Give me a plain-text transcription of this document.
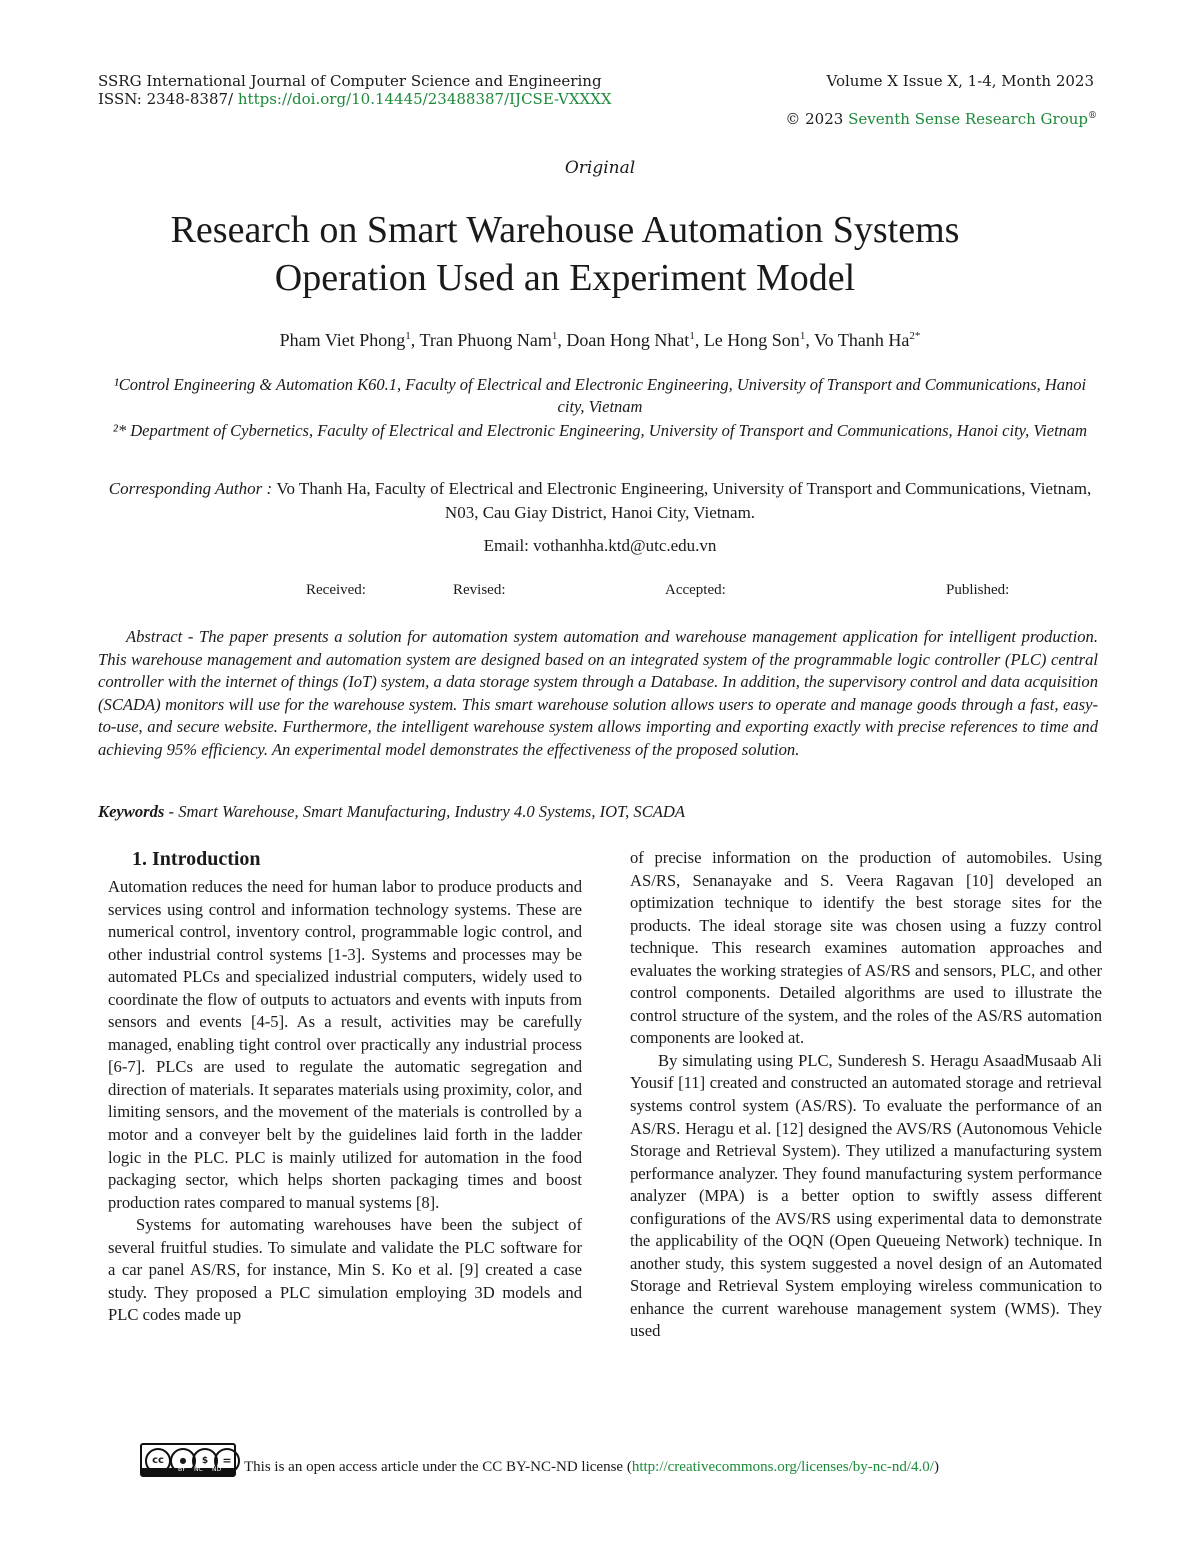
SSRG International Journal of Computer Science and Engineering
ISSN: 2348-8387/ https://doi.org/10.14445/23488387/IJCSE-VXXXX
Volume X Issue X, 1-4, Month 2023
© 2023 Seventh Sense Research Group®
Original
Research on Smart Warehouse Automation Systems
Operation Used an Experiment Model
Pham Viet Phong$^1$, Tran Phuong Nam$^1$, Doan Hong Nhat$^1$, Le Hong Son$^1$, Vo Thanh $Ha^{2*}$
¹Control Engineering & Automation K60.1, Faculty of Electrical and Electronic Engineering, University of Transport and Communications, Hanoi city, Vietnam
²* Department of Cybernetics, Faculty of Electrical and Electronic Engineering, University of Transport and Communications, Hanoi city, Vietnam
Corresponding Author : Vo Thanh Ha, Faculty of Electrical and Electronic Engineering, University of Transport and Communications, Vietnam, N03, Cau Giay District, Hanoi City, Vietnam.
Email: vothanhha.ktd@utc.edu.vn
Received:	Revised:	Accepted:	Published:
Abstract - The paper presents a solution for automation system automation and warehouse management application for intelligent production. This warehouse management and automation system are designed based on an integrated system of the programmable logic controller (PLC) central controller with the internet of things (IoT) system, a data storage system through a Database. In addition, the supervisory control and data acquisition (SCADA) monitors will use for the warehouse system. This smart warehouse solution allows users to operate and manage goods through a fast, easy-to-use, and secure website. Furthermore, the intelligent warehouse system allows importing and exporting exactly with precise references to time and achieving 95% efficiency. An experimental model demonstrates the effectiveness of the proposed solution.
Keywords - Smart Warehouse, Smart Manufacturing, Industry 4.0 Systems, IOT, SCADA
1. Introduction

Automation reduces the need for human labor to produce products and services using control and information technology systems. These are numerical control, inventory control, programmable logic control, and other industrial control systems [1-3]. Systems and processes may be automated PLCs and specialized industrial computers, widely used to coordinate the flow of outputs to actuators and events with inputs from sensors and events [4-5]. As a result, activities may be carefully managed, enabling tight control over practically any industrial process [6-7]. PLCs are used to regulate the automatic segregation and direction of materials. It separates materials using proximity, color, and limiting sensors, and the movement of the materials is controlled by a motor and a conveyer belt by the guidelines laid forth in the ladder logic in the PLC. PLC is mainly utilized for automation in the food packaging sector, which helps shorten packaging times and boost production rates compared to manual systems [8].

Systems for automating warehouses have been the subject of several fruitful studies. To simulate and validate the PLC software for a car panel AS/RS, for instance, Min S. Ko et al. [9] created a case study. They proposed a PLC simulation employing 3D models and PLC codes made up

of precise information on the production of automobiles. Using AS/RS, Senanayake and S. Veera Ragavan [10] developed an optimization technique to identify the best storage sites for the products. The ideal storage site was chosen using a fuzzy control technique. This research examines automation approaches and evaluates the working strategies of AS/RS and sensors, PLC, and other control components. Detailed algorithms are used to illustrate the control structure of the system, and the roles of the AS/RS automation components are looked at.

By simulating using PLC, Sunderesh S. Heragu AsaadMusaab Ali Yousif [11] created and constructed an automated storage and retrieval systems control system (AS/RS). To evaluate the performance of an AS/RS. Heragu et al. [12] designed the AVS/RS (Autonomous Vehicle Storage and Retrieval System). They utilized a manufacturing system performance analyzer. They found manufacturing system performance analyzer (MPA) is a better option to swiftly assess different configurations of the AVS/RS using experimental data to demonstrate the applicability of the OQN (Open Queueing Network) technique. In another study, this system suggested a novel design of an Automated Storage and Retrieval System employing wireless communication to enhance the current warehouse management system (WMS). They used

cc	●	$	=
BY NC ND This is an open access article under the CC BY-NC-ND license (http://creativecommons.org/licenses/by-nc-nd/4.0/)
